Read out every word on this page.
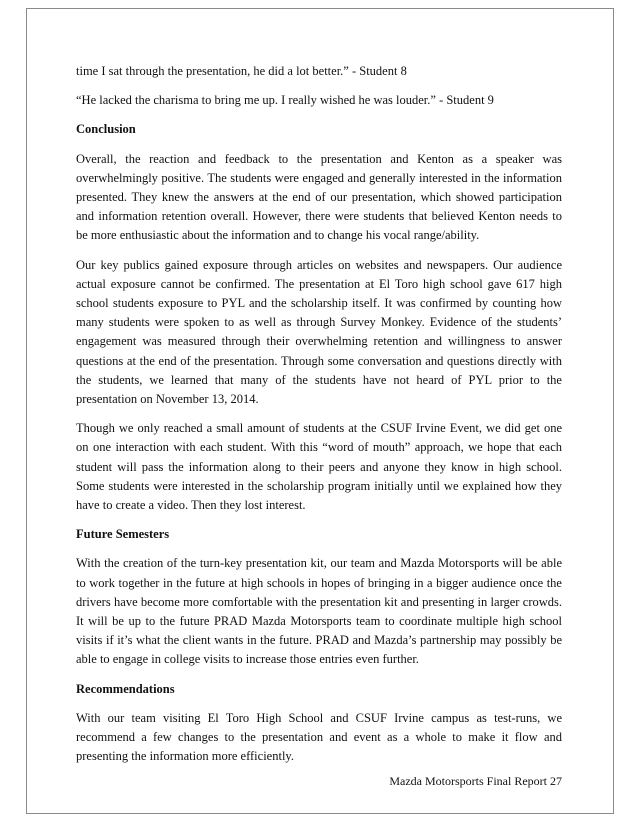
time I sat through the presentation, he did a lot better.” - Student 8

“He lacked the charisma to bring me up. I really wished he was louder.” - Student 9

Conclusion

Overall, the reaction and feedback to the presentation and Kenton as a speaker was overwhelmingly positive. The students were engaged and generally interested in the information presented. They knew the answers at the end of our presentation, which showed participation and information retention overall. However, there were students that believed Kenton needs to be more enthusiastic about the information and to change his vocal range/ability.

Our key publics gained exposure through articles on websites and newspapers. Our audience actual exposure cannot be confirmed. The presentation at El Toro high school gave 617 high school students exposure to PYL and the scholarship itself. It was confirmed by counting how many students were spoken to as well as through Survey Monkey. Evidence of the students’ engagement was measured through their overwhelming retention and willingness to answer questions at the end of the presentation. Through some conversation and questions directly with the students, we learned that many of the students have not heard of PYL prior to the presentation on November 13, 2014.

Though we only reached a small amount of students at the CSUF Irvine Event, we did get one on one interaction with each student. With this “word of mouth” approach, we hope that each student will pass the information along to their peers and anyone they know in high school. Some students were interested in the scholarship program initially until we explained how they have to create a video. Then they lost interest.

Future Semesters

With the creation of the turn-key presentation kit, our team and Mazda Motorsports will be able to work together in the future at high schools in hopes of bringing in a bigger audience once the drivers have become more comfortable with the presentation kit and presenting in larger crowds. It will be up to the future PRAD Mazda Motorsports team to coordinate multiple high school visits if it’s what the client wants in the future. PRAD and Mazda’s partnership may possibly be able to engage in college visits to increase those entries even further.

Recommendations

With our team visiting El Toro High School and CSUF Irvine campus as test-runs, we recommend a few changes to the presentation and event as a whole to make it flow and presenting the information more efficiently.

Mazda Motorsports Final Report 27
